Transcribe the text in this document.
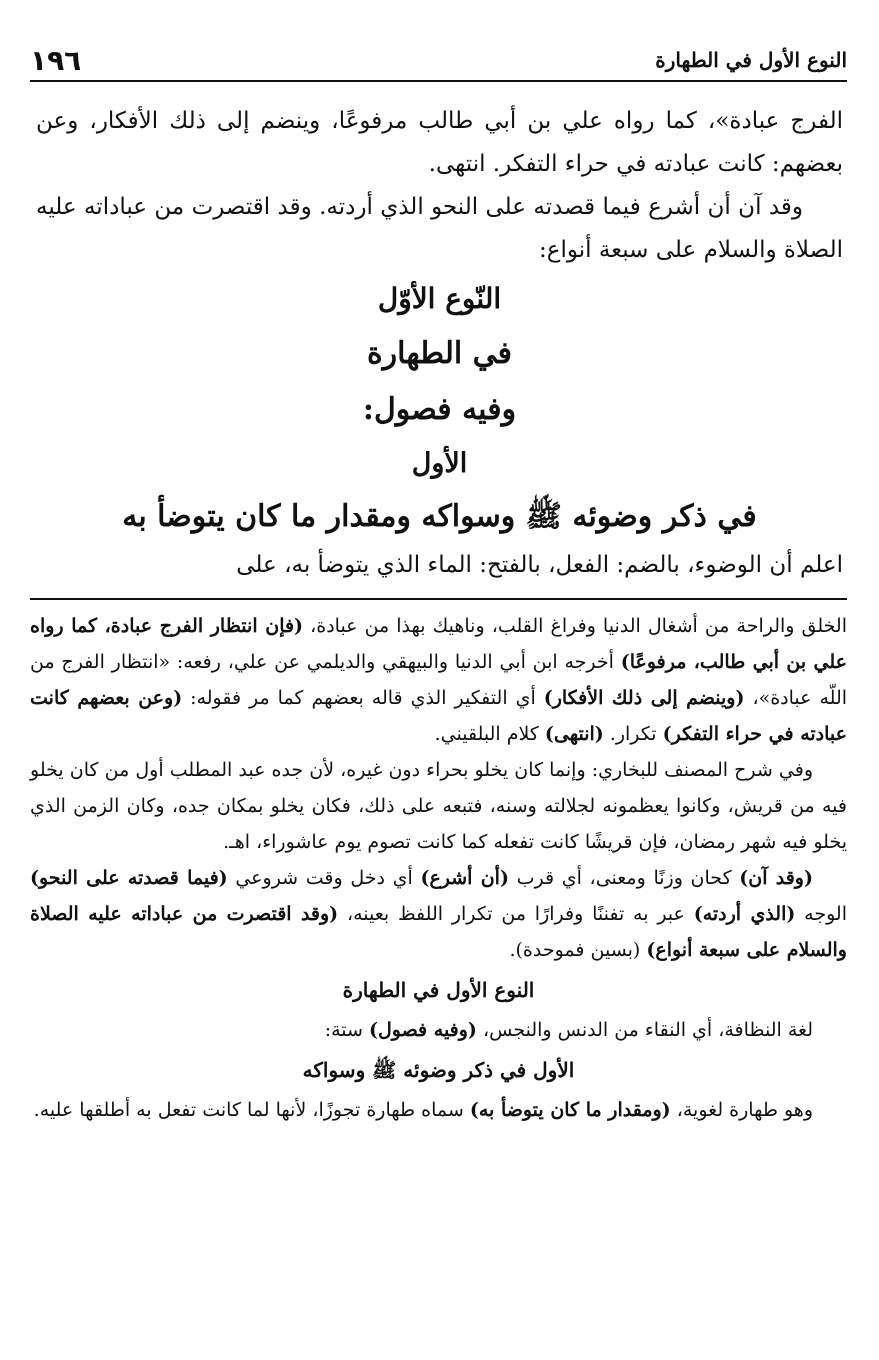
النوع الأول في الطهارة
١٩٦

الفرج عبادة»، كما رواه علي بن أبي طالب مرفوعًا، وينضم إلى ذلك الأفكار، وعن بعضهم: كانت عبادته في حراء التفكر. انتهى.

وقد آن أن أشرع فيما قصدته على النحو الذي أردته. وقد اقتصرت من عباداته عليه الصلاة والسلام على سبعة أنواع:

النّوع الأوّل

في الطهارة

وفيه فصول:

الأول

في ذكر وضوئه ﷺ وسواكه ومقدار ما كان يتوضأ به

اعلم أن الوضوء، بالضم: الفعل، بالفتح: الماء الذي يتوضأ به، على

الخلق والراحة من أشغال الدنيا وفراغ القلب، وناهيك بهذا من عبادة، (فإن انتظار الفرج عبادة، كما رواه علي بن أبي طالب، مرفوعًا) أخرجه ابن أبي الدنيا والبيهقي والديلمي عن علي، رفعه: «انتظار الفرج من اللّه عبادة»، (وينضم إلى ذلك الأفكار) أي التفكير الذي قاله بعضهم كما مر فقوله: (وعن بعضهم كانت عبادته في حراء التفكر) تكرار. (انتهى) كلام البلقيني.

وفي شرح المصنف للبخاري: وإنما كان يخلو بحراء دون غيره، لأن جده عبد المطلب أول من كان يخلو فيه من قريش، وكانوا يعظمونه لجلالته وسنه، فتبعه على ذلك، فكان يخلو بمكان جده، وكان الزمن الذي يخلو فيه شهر رمضان، فإن قريشًا كانت تفعله كما كانت تصوم يوم عاشوراء، اهـ.

(وقد آن) كحان وزنًا ومعنى، أي قرب (أن أشرع) أي دخل وقت شروعي (فيما قصدته على النحو) الوجه (الذي أردته) عبر به تفننًا وفرارًا من تكرار اللفظ بعينه، (وقد اقتصرت من عباداته عليه الصلاة والسلام على سبعة أنواع) (بسين فموحدة).

النوع الأول في الطهارة

لغة النظافة، أي النقاء من الدنس والنجس، (وفيه فصول) ستة:

الأول في ذكر وضوئه ﷺ وسواكه

وهو طهارة لغوية، (ومقدار ما كان يتوضأ به) سماه طهارة تجوزًا، لأنها لما كانت تفعل به أطلقها عليه.
